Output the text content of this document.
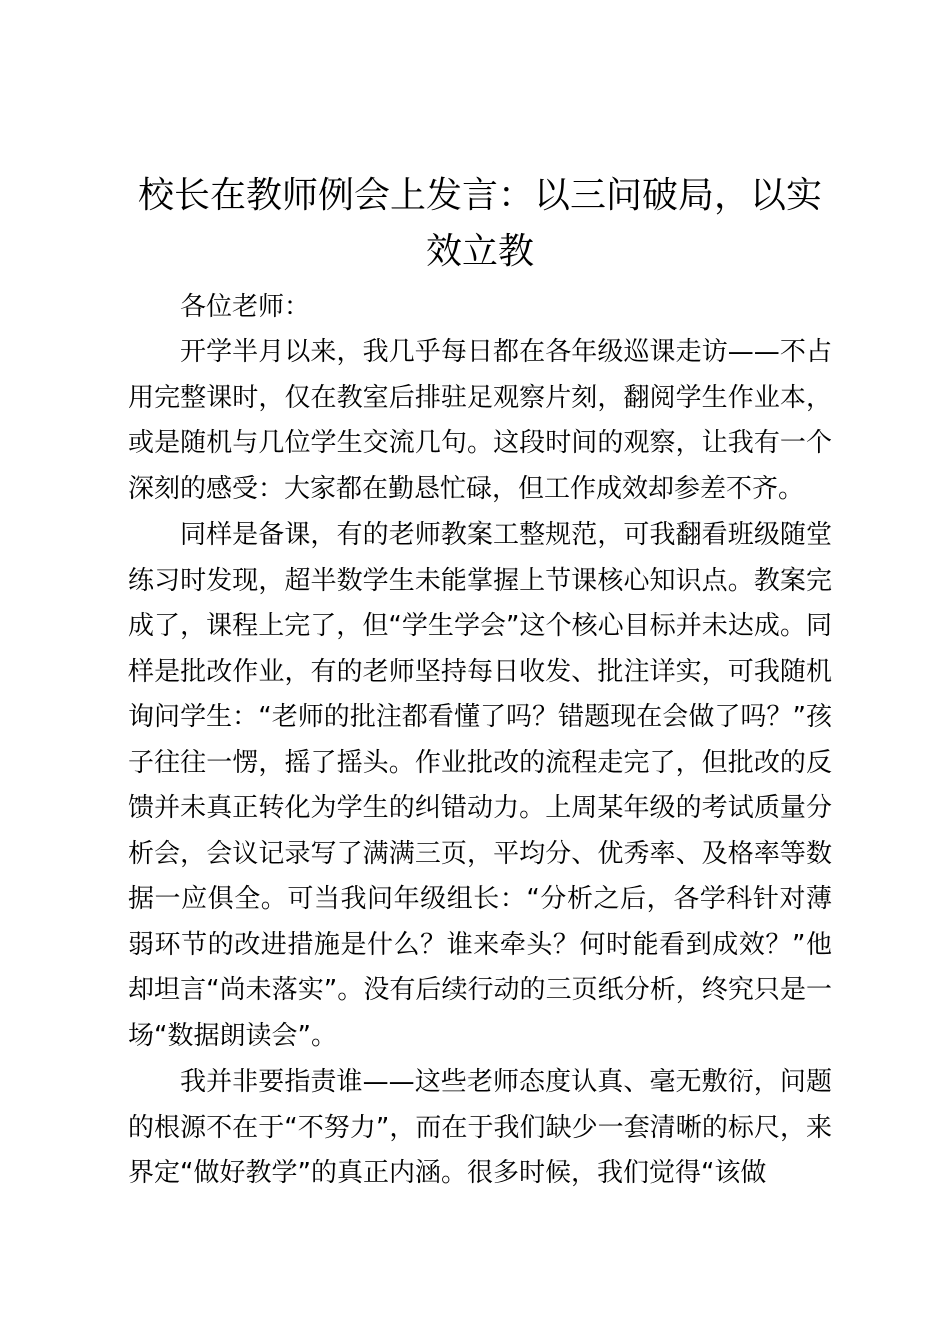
校长在教师例会上发言：以三问破局，以实效立教

各位老师：

开学半月以来，我几乎每日都在各年级巡课走访——不占用完整课时，仅在教室后排驻足观察片刻，翻阅学生作业本，或是随机与几位学生交流几句。这段时间的观察，让我有一个深刻的感受：大家都在勤恳忙碌，但工作成效却参差不齐。

同样是备课，有的老师教案工整规范，可我翻看班级随堂练习时发现，超半数学生未能掌握上节课核心知识点。教案完成了，课程上完了，但“学生学会”这个核心目标并未达成。同样是批改作业，有的老师坚持每日收发、批注详实，可我随机询问学生：“老师的批注都看懂了吗？错题现在会做了吗？”孩子往往一愣，摇了摇头。作业批改的流程走完了，但批改的反馈并未真正转化为学生的纠错动力。上周某年级的考试质量分析会，会议记录写了满满三页，平均分、优秀率、及格率等数据一应俱全。可当我问年级组长：“分析之后，各学科针对薄弱环节的改进措施是什么？谁来牵头？何时能看到成效？”他却坦言“尚未落实”。没有后续行动的三页纸分析，终究只是一场“数据朗读会”。

我并非要指责谁——这些老师态度认真、毫无敷衍，问题的根源不在于“不努力”，而在于我们缺少一套清晰的标尺，来界定“做好教学”的真正内涵。很多时候，我们觉得“该做
